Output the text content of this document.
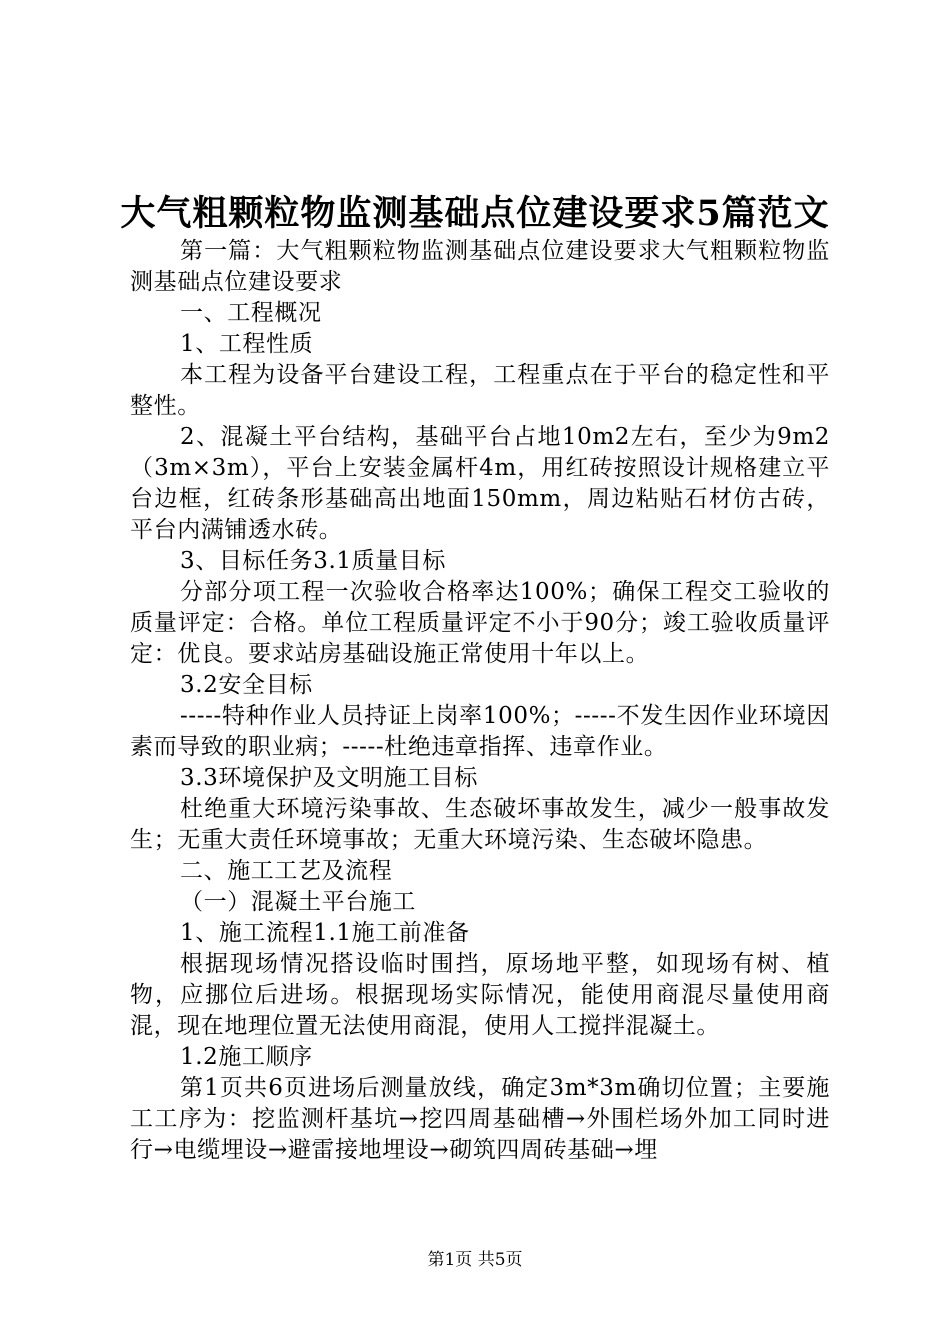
大气粗颗粒物监测基础点位建设要求5篇范文

第一篇：大气粗颗粒物监测基础点位建设要求大气粗颗粒物监测基础点位建设要求

一、工程概况

1、工程性质

本工程为设备平台建设工程，工程重点在于平台的稳定性和平整性。

2、混凝土平台结构，基础平台占地10m2左右，至少为9m2（3m×3m），平台上安装金属杆4m，用红砖按照设计规格建立平台边框，红砖条形基础高出地面150mm，周边粘贴石材仿古砖，平台内满铺透水砖。

3、目标任务3.1质量目标

分部分项工程一次验收合格率达100%；确保工程交工验收的质量评定：合格。单位工程质量评定不小于90分；竣工验收质量评定：优良。要求站房基础设施正常使用十年以上。

3.2安全目标

-----特种作业人员持证上岗率100%；-----不发生因作业环境因素而导致的职业病；-----杜绝违章指挥、违章作业。

3.3环境保护及文明施工目标

杜绝重大环境污染事故、生态破坏事故发生，减少一般事故发生；无重大责任环境事故；无重大环境污染、生态破坏隐患。

二、施工工艺及流程

（一）混凝土平台施工

1、施工流程1.1施工前准备

根据现场情况搭设临时围挡，原场地平整，如现场有树、植物，应挪位后进场。根据现场实际情况，能使用商混尽量使用商混，现在地理位置无法使用商混，使用人工搅拌混凝土。

1.2施工顺序

第1页共6页进场后测量放线，确定3m*3m确切位置；主要施工工序为：挖监测杆基坑→挖四周基础槽→外围栏场外加工同时进行→电缆埋设→避雷接地埋设→砌筑四周砖基础→埋

第1页 共5页
